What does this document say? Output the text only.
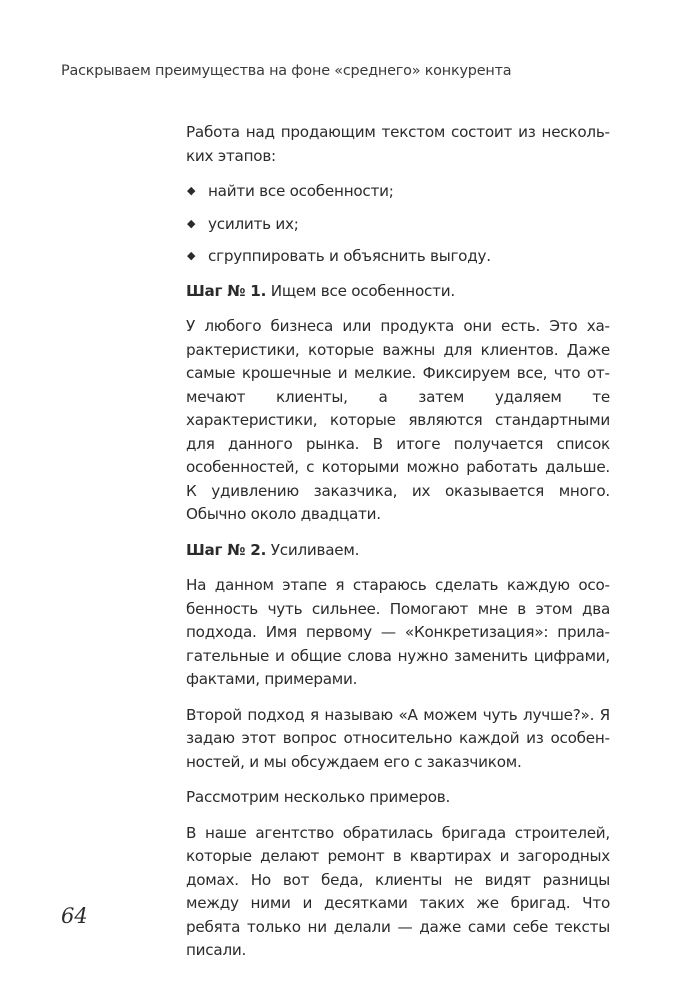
Раскрываем преимущества на фоне «среднего» конкурента

Работа над продающим текстом состоит из нескольких этапов:

◆ найти все особенности;
◆ усилить их;
◆ сгруппировать и объяснить выгоду.

Шаг № 1. Ищем все особенности.

У любого бизнеса или продукта они есть. Это характеристики, которые важны для клиентов. Даже самые крошечные и мелкие. Фиксируем все, что отмечают клиенты, а затем удаляем те характеристики, которые являются стандартными для данного рынка. В итоге получается список особенностей, с которыми можно работать дальше. К удивлению заказчика, их оказывается много. Обычно около двадцати.

Шаг № 2. Усиливаем.

На данном этапе я стараюсь сделать каждую особенность чуть сильнее. Помогают мне в этом два подхода. Имя первому — «Конкретизация»: прилагательные и общие слова нужно заменить цифрами, фактами, примерами.

Второй подход я называю «А можем чуть лучше?». Я задаю этот вопрос относительно каждой из особенностей, и мы обсуждаем его с заказчиком.

Рассмотрим несколько примеров.

В наше агентство обратилась бригада строителей, которые делают ремонт в квартирах и загородных домах. Но вот беда, клиенты не видят разницы между ними и десятками таких же бригад. Что ребята только ни делали — даже сами себе тексты писали.

64
